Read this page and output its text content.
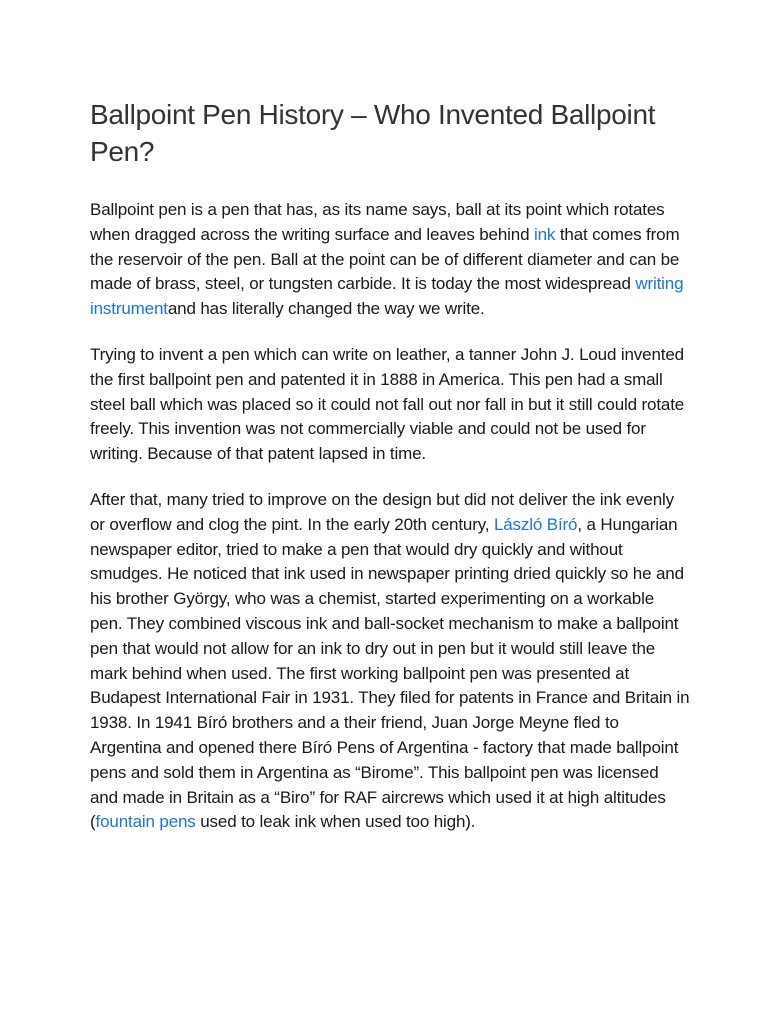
Ballpoint Pen History – Who Invented Ballpoint Pen?

Ballpoint pen is a pen that has, as its name says, ball at its point which rotates when dragged across the writing surface and leaves behind ink that comes from the reservoir of the pen. Ball at the point can be of different diameter and can be made of brass, steel, or tungsten carbide. It is today the most widespread writing instrumentand has literally changed the way we write.

Trying to invent a pen which can write on leather, a tanner John J. Loud invented the first ballpoint pen and patented it in 1888 in America. This pen had a small steel ball which was placed so it could not fall out nor fall in but it still could rotate freely. This invention was not commercially viable and could not be used for writing. Because of that patent lapsed in time.

After that, many tried to improve on the design but did not deliver the ink evenly or overflow and clog the pint. In the early 20th century, László Bíró, a Hungarian newspaper editor, tried to make a pen that would dry quickly and without smudges. He noticed that ink used in newspaper printing dried quickly so he and his brother György, who was a chemist, started experimenting on a workable pen. They combined viscous ink and ball-socket mechanism to make a ballpoint pen that would not allow for an ink to dry out in pen but it would still leave the mark behind when used. The first working ballpoint pen was presented at Budapest International Fair in 1931. They filed for patents in France and Britain in 1938. In 1941 Bíró brothers and a their friend, Juan Jorge Meyne fled to Argentina and opened there Bíró Pens of Argentina - factory that made ballpoint pens and sold them in Argentina as “Birome”. This ballpoint pen was licensed and made in Britain as a “Biro” for RAF aircrews which used it at high altitudes (fountain pens used to leak ink when used too high).
